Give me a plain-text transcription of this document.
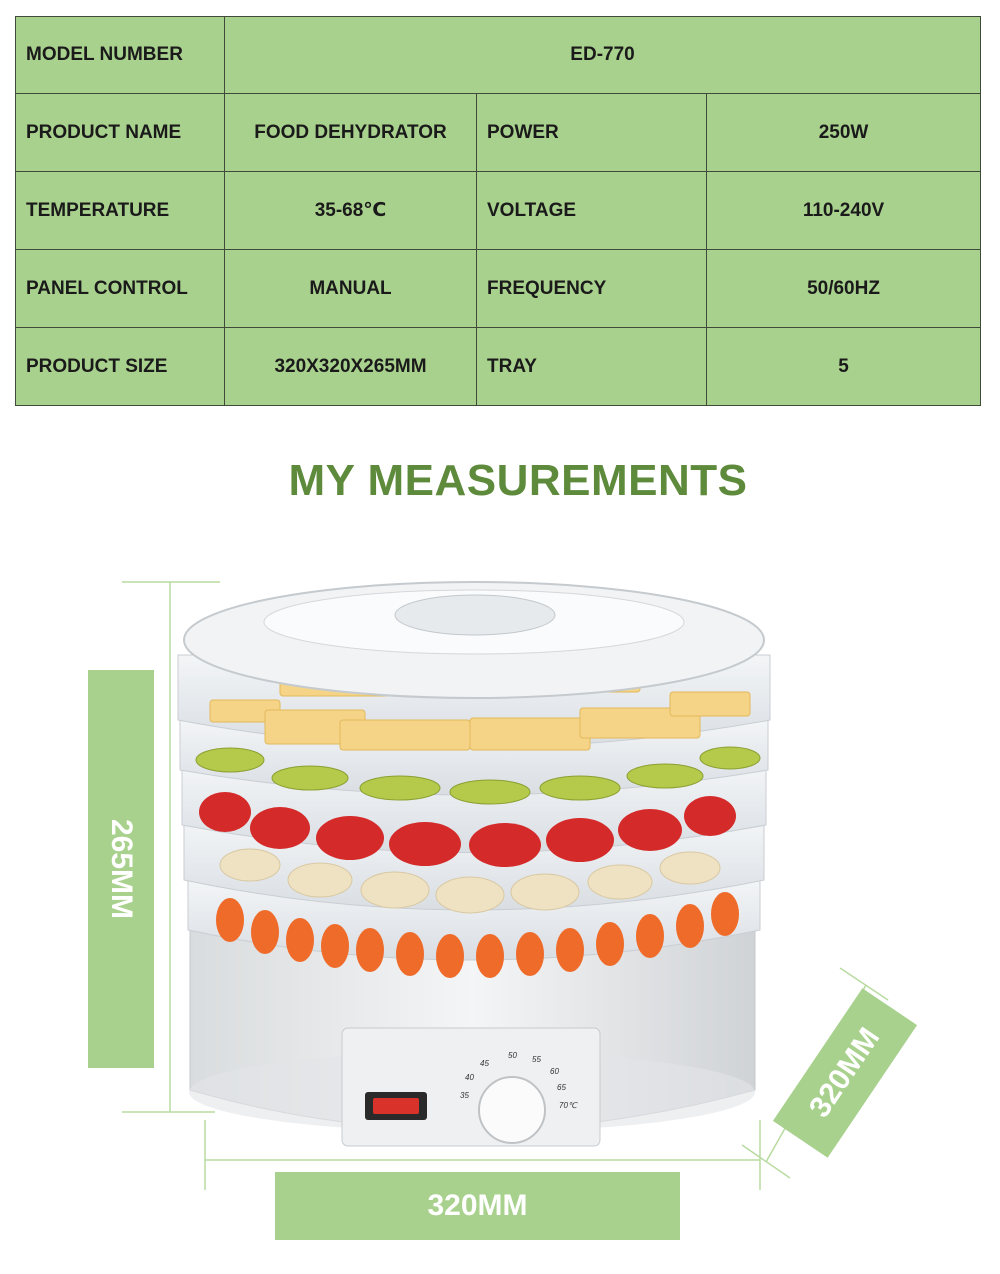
MODEL NUMBER	ED-770		
PRODUCT NAME	FOOD DEHYDRATOR	POWER	250W
TEMPERATURE	35-68℃	VOLTAGE	110-240V
PANEL CONTROL	MANUAL	FREQUENCY	50/60HZ
PRODUCT SIZE	320X320X265MM	TRAY	5
MY MEASUREMENTS
265MM
320MM
320MM
35
40
45
50 55
60
65
70℃
